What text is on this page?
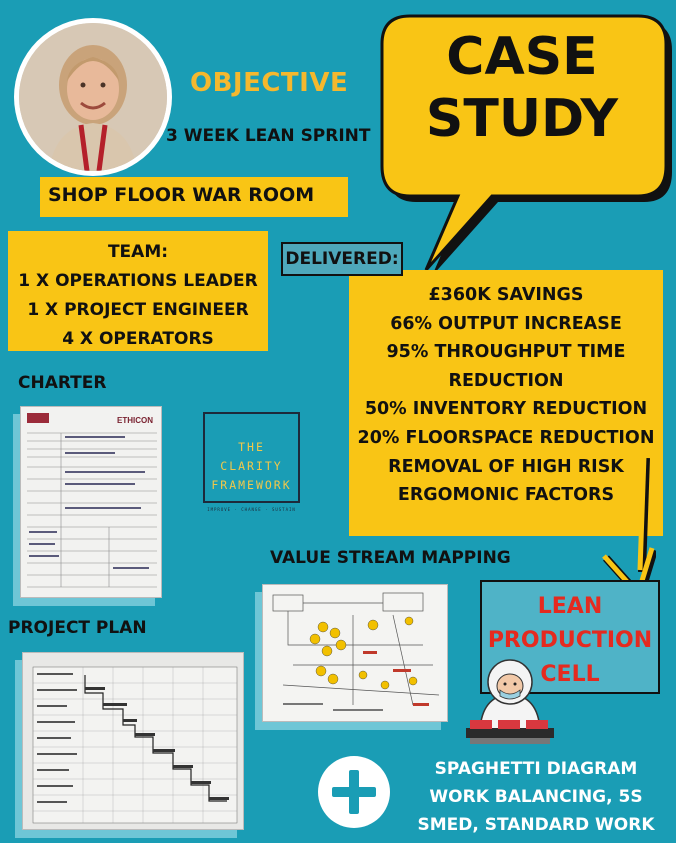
OBJECTIVE
3 WEEK LEAN SPRINT
CASE
STUDY
SHOP FLOOR WAR ROOM
TEAM:
1 X OPERATIONS LEADER
1 X PROJECT ENGINEER
4 X OPERATORS
£360K SAVINGS
66% OUTPUT INCREASE
95% THROUGHPUT TIME
REDUCTION
50% INVENTORY REDUCTION
20% FLOORSPACE REDUCTION
REMOVAL OF HIGH RISK
ERGOMONIC FACTORS
DELIVERED:
CHARTER
ETHICON
THE CLARITY
FRAMEWORK
IMPROVE · CHANGE · SUSTAIN
VALUE STREAM MAPPING
PROJECT PLAN
LEAN
PRODUCTION
CELL
SPAGHETTI DIAGRAM
WORK BALANCING, 5S
SMED, STANDARD WORK
